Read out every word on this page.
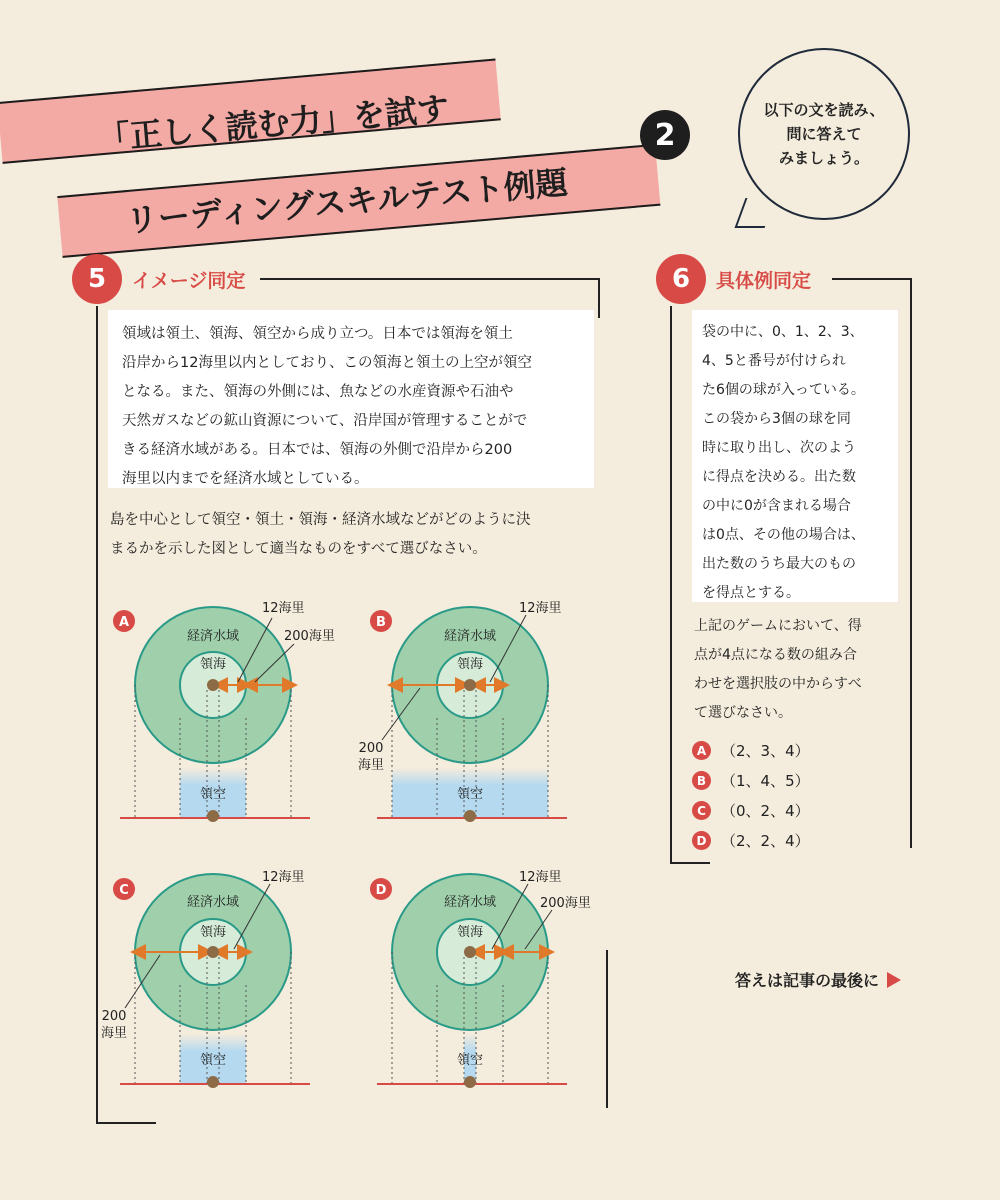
「正しく読む力」を試す
リーディングスキルテスト例題
2
以下の文を読み、
問に答えて
みましょう。
5	イメージ同定
領域は領土、領海、領空から成り立つ。日本では領海を領土
沿岸から12海里以内としており、この領海と領土の上空が領空
となる。また、領海の外側には、魚などの水産資源や石油や
天然ガスなどの鉱山資源について、沿岸国が管理することがで
きる経済水域がある。日本では、領海の外側で沿岸から200
海里以内までを経済水域としている。
島を中心として領空・領土・領海・経済水域などがどのように決
まるかを示した図として適当なものをすべて選びなさい。
A
経済水域
領海
12海里
200海里
領空
B
経済水域
領海
12海里
200
海里
領空
C
経済水域
領海
12海里
200
海里
領空
D
経済水域
領海
12海里
200海里
領空
6	具体例同定
袋の中に、0、1、2、3、
4、5と番号が付けられ
た6個の球が入っている。
この袋から3個の球を同
時に取り出し、次のよう
に得点を決める。出た数
の中に0が含まれる場合
は0点、その他の場合は、
出た数のうち最大のもの
を得点とする。
上記のゲームにおいて、得
点が4点になる数の組み合
わせを選択肢の中からすべ
て選びなさい。
A （2、3、4）
B （1、4、5）
C	（0、2、4）
D （2、2、4）
答えは記事の最後に
